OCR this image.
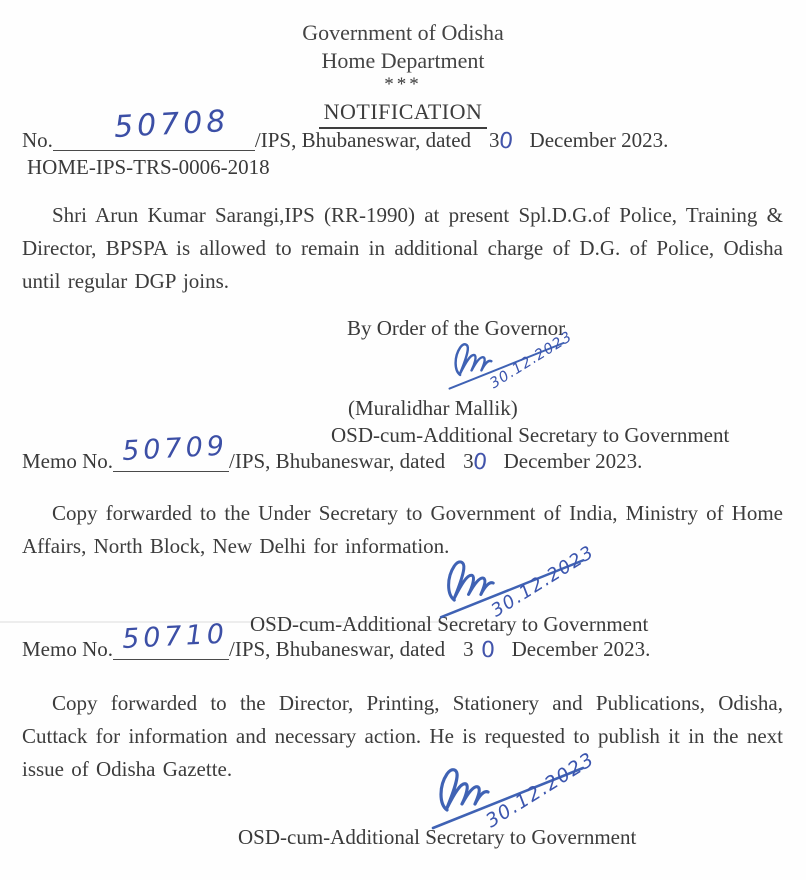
Government of Odisha
Home Department
***
NOTIFICATION
No. 50708 /IPS, Bhubaneswar, dated 30 December 2023.
HOME-IPS-TRS-0006-2018
Shri Arun Kumar Sarangi,IPS (RR-1990) at present Spl.D.G.of Police, Training & Director, BPSPA is allowed to remain in additional charge of D.G. of Police, Odisha until regular DGP joins.
By Order of the Governor
30.12.2023
(Muralidhar Mallik)
OSD-cum-Additional Secretary to Government
Memo No. 50709 /IPS, Bhubaneswar, dated 30 December 2023.
Copy forwarded to the Under Secretary to Government of India, Ministry of Home Affairs, North Block, New Delhi for information.	30.12.2023
OSD-cum-Additional Secretary to Government
Memo No. 50710 /IPS, Bhubaneswar, dated 3 0 December 2023.
Copy forwarded to the Director, Printing, Stationery and Publications, Odisha, Cuttack for information and necessary action. He is requested to publish it in the next issue of Odisha Gazette.	30.12.2023
OSD-cum-Additional Secretary to Government
